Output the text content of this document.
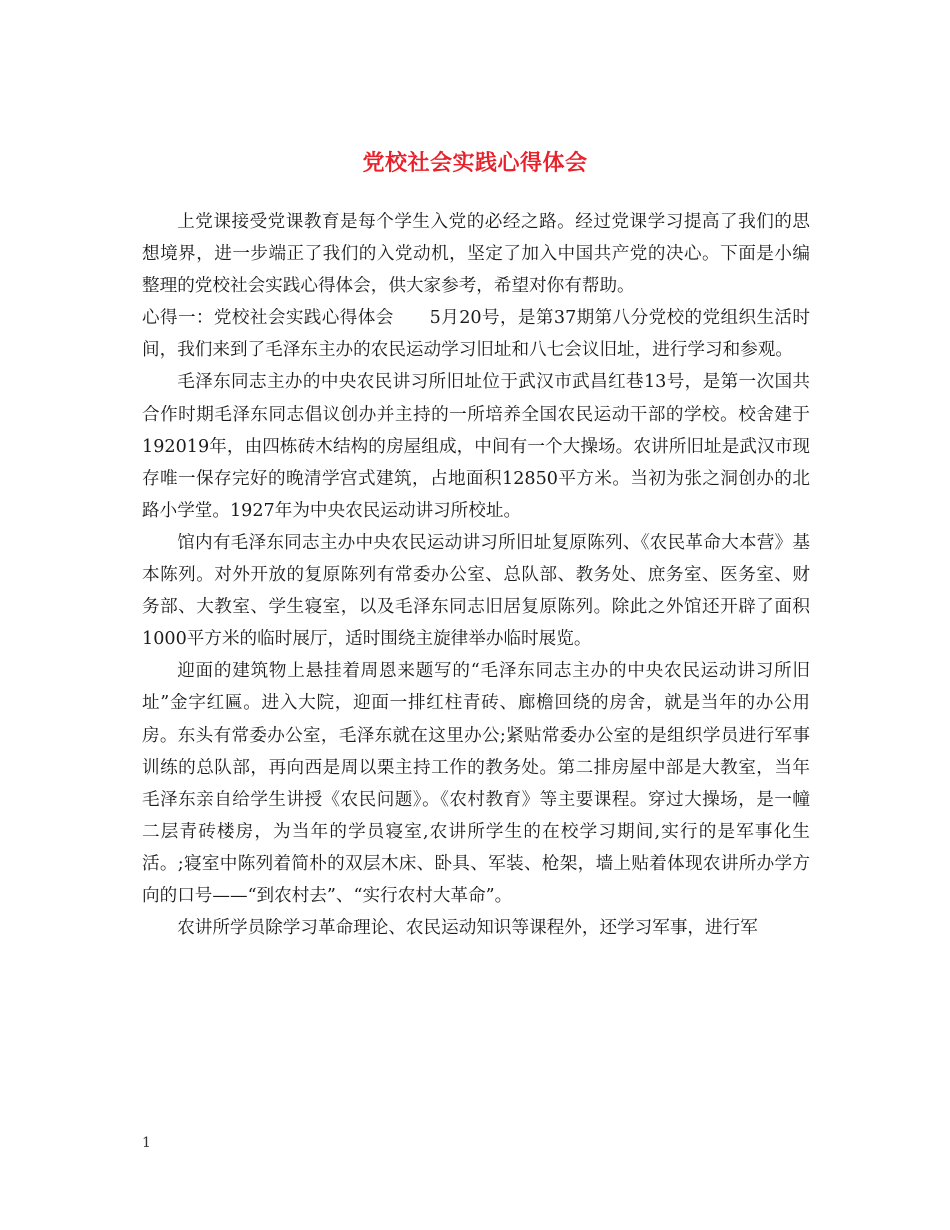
党校社会实践心得体会

上党课接受党课教育是每个学生入党的必经之路。经过党课学习提高了我们的思想境界，进一步端正了我们的入党动机，坚定了加入中国共产党的决心。下面是小编整理的党校社会实践心得体会，供大家参考，希望对你有帮助。

心得一：党校社会实践心得体会　　5月20号，是第37期第八分党校的党组织生活时间，我们来到了毛泽东主办的农民运动学习旧址和八七会议旧址，进行学习和参观。

毛泽东同志主办的中央农民讲习所旧址位于武汉市武昌红巷13号，是第一次国共合作时期毛泽东同志倡议创办并主持的一所培养全国农民运动干部的学校。校舍建于192019年，由四栋砖木结构的房屋组成，中间有一个大操场。农讲所旧址是武汉市现存唯一保存完好的晚清学宫式建筑，占地面积12850平方米。当初为张之洞创办的北路小学堂。1927年为中央农民运动讲习所校址。

馆内有毛泽东同志主办中央农民运动讲习所旧址复原陈列、《农民革命大本营》基本陈列。对外开放的复原陈列有常委办公室、总队部、教务处、庶务室、医务室、财务部、大教室、学生寝室，以及毛泽东同志旧居复原陈列。除此之外馆还开辟了面积1000平方米的临时展厅，适时围绕主旋律举办临时展览。

迎面的建筑物上悬挂着周恩来题写的“毛泽东同志主办的中央农民运动讲习所旧址”金字红匾。进入大院，迎面一排红柱青砖、廊檐回绕的房舍，就是当年的办公用房。东头有常委办公室，毛泽东就在这里办公;紧贴常委办公室的是组织学员进行军事训练的总队部，再向西是周以栗主持工作的教务处。第二排房屋中部是大教室，当年毛泽东亲自给学生讲授《农民问题》。《农村教育》等主要课程。穿过大操场，是一幢二层青砖楼房，为当年的学员寝室,农讲所学生的在校学习期间,实行的是军事化生活。;寝室中陈列着简朴的双层木床、卧具、军装、枪架，墙上贴着体现农讲所办学方向的口号——“到农村去”、“实行农村大革命”。

农讲所学员除学习革命理论、农民运动知识等课程外，还学习军事，进行军

1
